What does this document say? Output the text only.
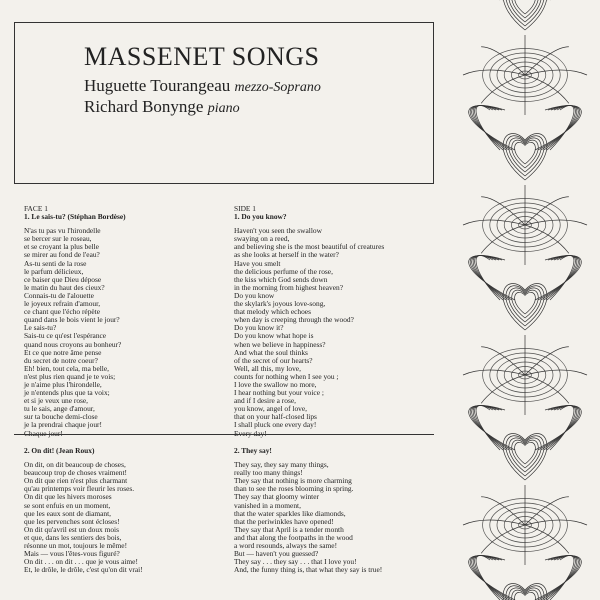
MASSENET SONGS
Huguette Tourangeau mezzo-Soprano
Richard Bonynge piano
FACE 1
1. Le sais-tu? (Stéphan Bordèse)
N'as tu pas vu l'hirondelle
se bercer sur le roseau,
et se croyant la plus belle
se mirer au fond de l'eau?
As-tu senti de la rose
le parfum délicieux,
ce baiser que Dieu dépose
le matin du haut des cieux?
Connais-tu de l'alouette
le joyeux refrain d'amour,
ce chant que l'écho répète
quand dans le bois vient le jour?
Le sais-tu?
Sais-tu ce qu'est l'espérance
quand nous croyons au bonheur?
Et ce que notre âme pense
du secret de notre coeur?
Eh! bien, tout cela, ma belle,
n'est plus rien quand je te vois;
je n'aime plus l'hirondelle,
je n'entends plus que ta voix;
et si je veux une rose,
tu le sais, ange d'amour,
sur ta bouche demi-close
je la prendrai chaque jour!
Chaque jour!
SIDE 1
1. Do you know?
Haven't you seen the swallow
swaying on a reed,
and believing she is the most beautiful of creatures
as she looks at herself in the water?
Have you smelt
the delicious perfume of the rose,
the kiss which God sends down
in the morning from highest heaven?
Do you know
the skylark's joyous love-song,
that melody which echoes
when day is creeping through the wood?
Do you know it?
Do you know what hope is
when we believe in happiness?
And what the soul thinks
of the secret of our hearts?
Well, all this, my love,
counts for nothing when I see you ;
I love the swallow no more,
I hear nothing but your voice ;
and if I desire a rose,
you know, angel of love,
that on your half-closed lips
I shall pluck one every day!
Every day!
2. On dit! (Jean Roux)
On dit, on dit beaucoup de choses,
beaucoup trop de choses vraiment!
On dit que rien n'est plus charmant
qu'au printemps voir fleurir les roses.
On dit que les hivers moroses
se sont enfuis en un moment,
que les eaux sont de diamant,
que les pervenches sont écloses!
On dit qu'avril est un doux mois
et que, dans les sentiers des bois,
résonne un mot, toujours le même!
Mais — vous l'êtes-vous figuré?
On dit . . . on dit . . . que je vous aime!
Et, le drôle, le drôle, c'est qu'on dit vrai!
2. They say!
They say, they say many things,
really too many things!
They say that nothing is more charming
than to see the roses blooming in spring.
They say that gloomy winter
vanished in a moment,
that the water sparkles like diamonds,
that the periwinkles have opened!
They say that April is a tender month
and that along the footpaths in the wood
a word resounds, always the same!
But — haven't you guessed?
They say . . . they say . . . that I love you!
And, the funny thing is, that what they say is true!
